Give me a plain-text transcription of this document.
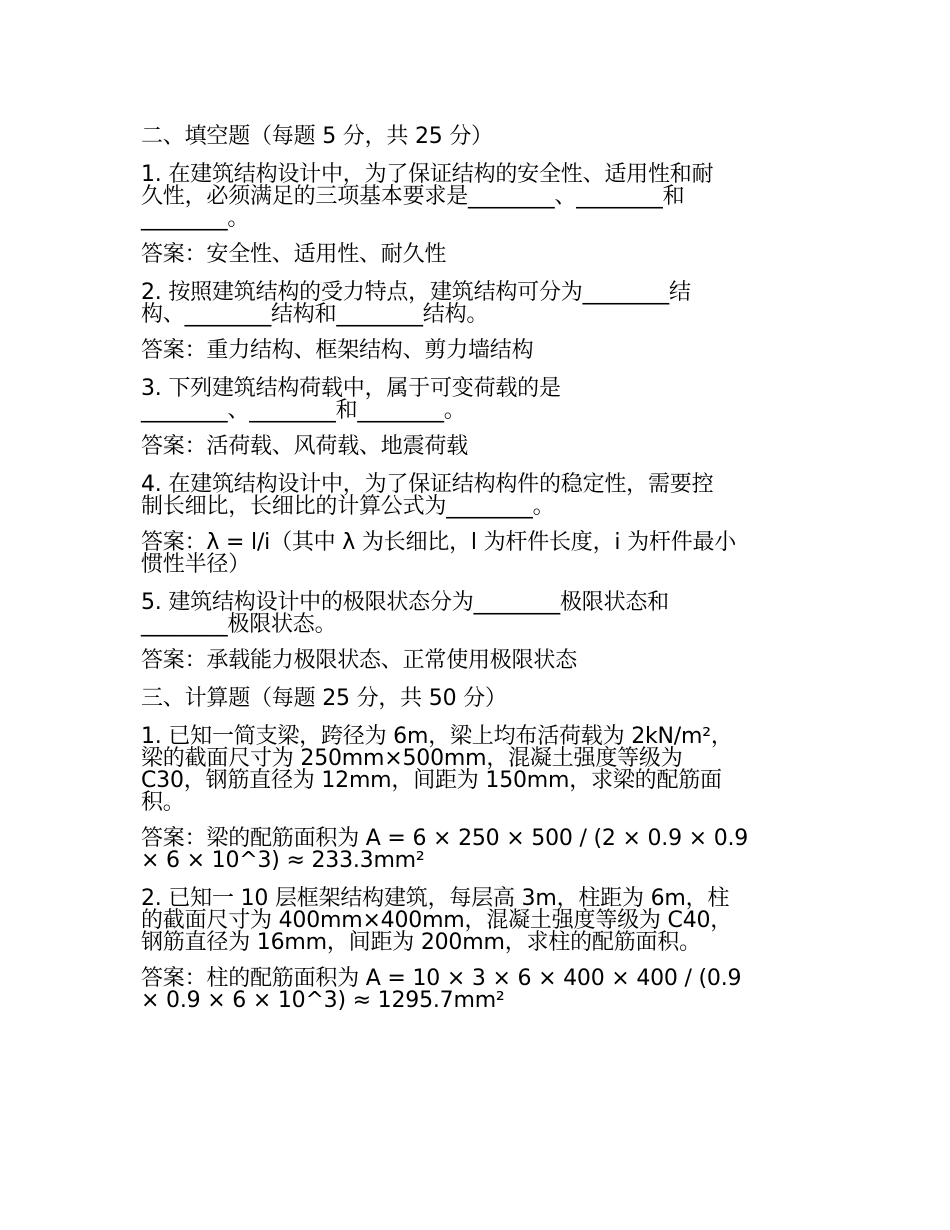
二、填空题（每题 5 分，共 25 分）

1. 在建筑结构设计中，为了保证结构的安全性、适用性和耐

久性，必须满足的三项基本要求是________、________和

________。

答案：安全性、适用性、耐久性

2. 按照建筑结构的受力特点，建筑结构可分为________结

构、________结构和________结构。

答案：重力结构、框架结构、剪力墙结构

3. 下列建筑结构荷载中，属于可变荷载的是

________、________和________。

答案：活荷载、风荷载、地震荷载

4. 在建筑结构设计中，为了保证结构构件的稳定性，需要控

制长细比，长细比的计算公式为________。

答案：λ = l/i（其中 λ 为长细比，l 为杆件长度，i 为杆件最小

惯性半径）

5. 建筑结构设计中的极限状态分为________极限状态和

________极限状态。

答案：承载能力极限状态、正常使用极限状态

三、计算题（每题 25 分，共 50 分）

1. 已知一简支梁，跨径为 6m，梁上均布活荷载为 2kN/m²，

梁的截面尺寸为 250mm×500mm，混凝土强度等级为

C30，钢筋直径为 12mm，间距为 150mm，求梁的配筋面

积。

答案：梁的配筋面积为 A = 6 × 250 × 500 / (2 × 0.9 × 0.9

× 6 × 10^3) ≈ 233.3mm²

2. 已知一 10 层框架结构建筑，每层高 3m，柱距为 6m，柱

的截面尺寸为 400mm×400mm，混凝土强度等级为 C40，

钢筋直径为 16mm，间距为 200mm，求柱的配筋面积。

答案：柱的配筋面积为 A = 10 × 3 × 6 × 400 × 400 / (0.9

× 0.9 × 6 × 10^3) ≈ 1295.7mm²
